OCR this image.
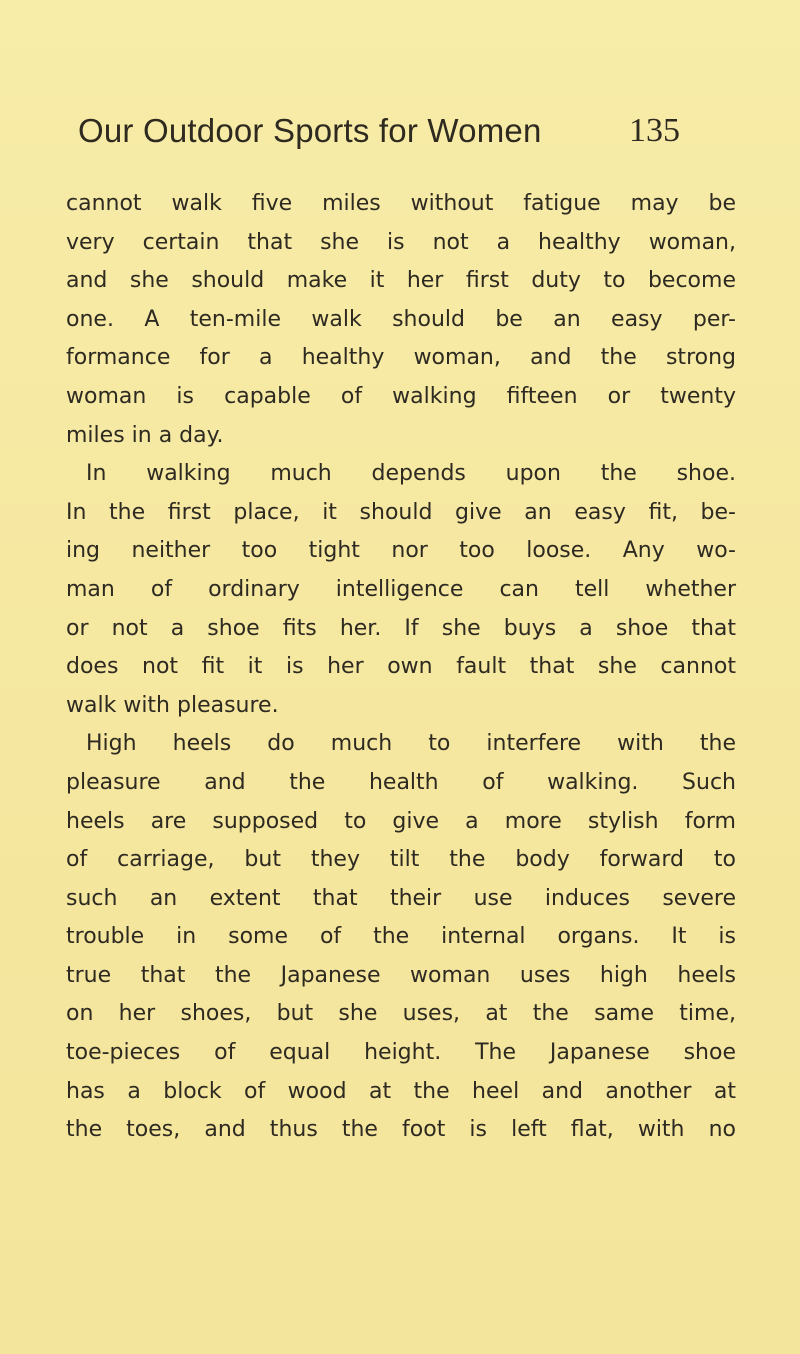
Our Outdoor Sports for Women	135
cannot walk five miles without fatigue may be
very certain that she is not a healthy woman,
and she should make it her first duty to become
one. A ten-mile walk should be an easy per-
formance for a healthy woman, and the strong
woman is capable of walking fifteen or twenty
miles in a day.
In walking much depends upon the shoe.
In the first place, it should give an easy fit, be-
ing neither too tight nor too loose. Any wo-
man of ordinary intelligence can tell whether
or not a shoe fits her. If she buys a shoe that
does not fit it is her own fault that she cannot
walk with pleasure.
High heels do much to interfere with the
pleasure and the health of walking. Such
heels are supposed to give a more stylish form
of carriage, but they tilt the body forward to
such an extent that their use induces severe
trouble in some of the internal organs. It is
true that the Japanese woman uses high heels
on her shoes, but she uses, at the same time,
toe-pieces of equal height. The Japanese shoe
has a block of wood at the heel and another at
the toes, and thus the foot is left flat, with no
